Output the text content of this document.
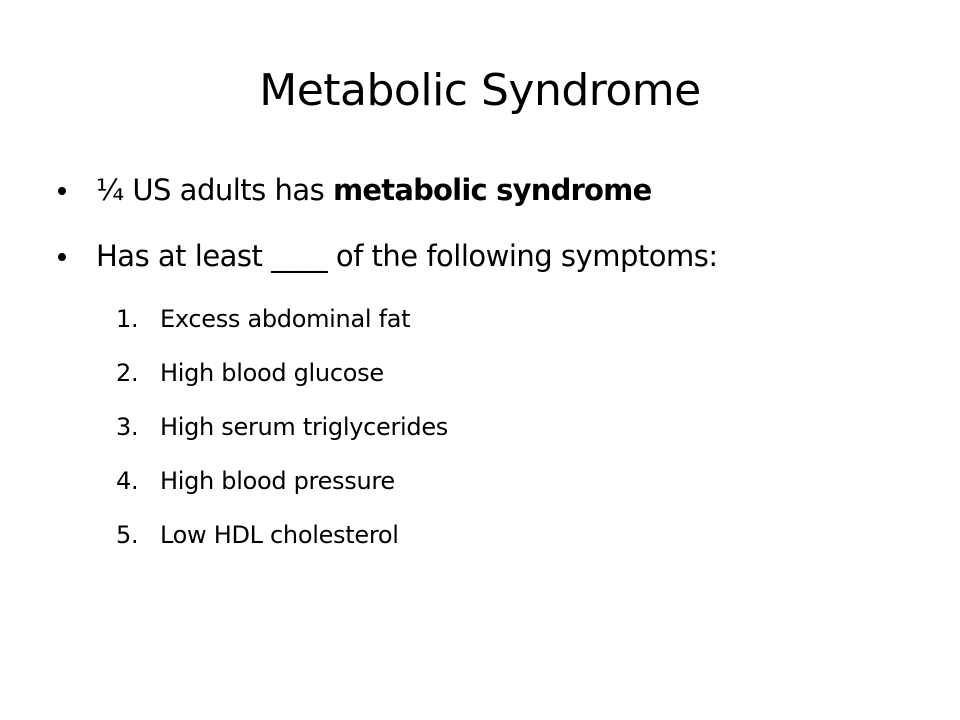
Metabolic Syndrome
¼ US adults has metabolic syndrome
Has at least ____ of the following symptoms:
1. Excess abdominal fat
2. High blood glucose
3. High serum triglycerides
4. High blood pressure
5. Low HDL cholesterol
